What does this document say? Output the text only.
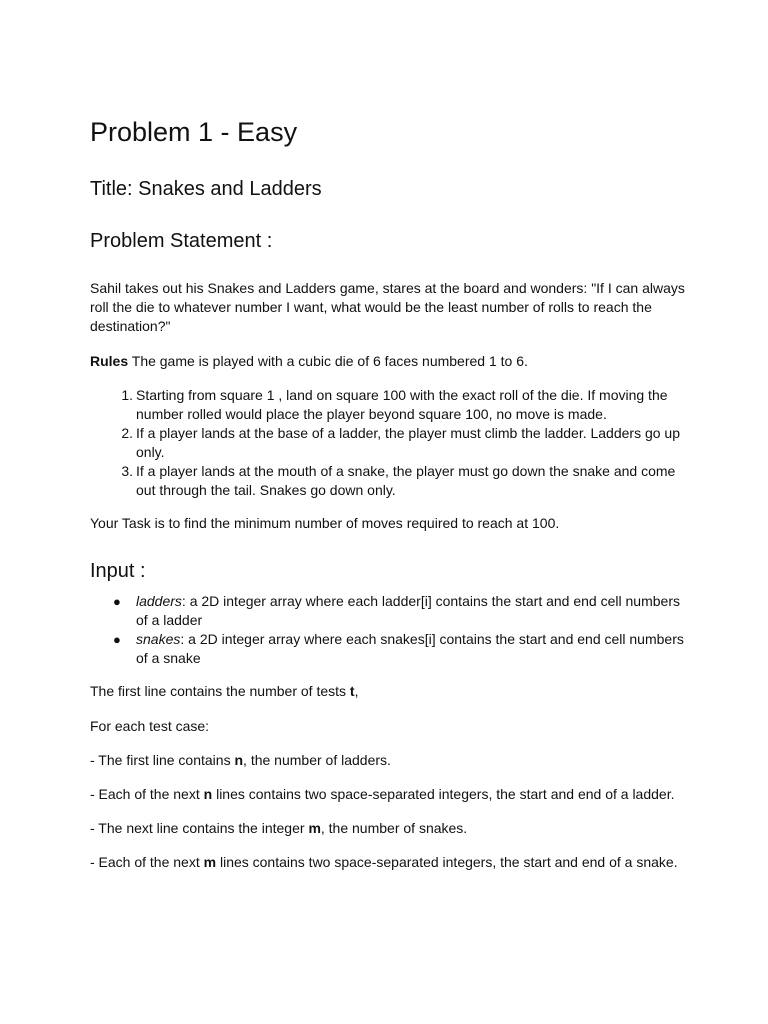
Problem 1 - Easy
Title: Snakes and Ladders
Problem Statement :

Sahil takes out his Snakes and Ladders game, stares at the board and wonders: "If I can always roll the die to whatever number I want, what would be the least number of rolls to reach the destination?"

Rules The game is played with a cubic die of 6 faces numbered 1 to 6.

1. Starting from square 1 , land on square 100 with the exact roll of the die. If moving the number rolled would place the player beyond square 100, no move is made.
2. If a player lands at the base of a ladder, the player must climb the ladder. Ladders go up only.
3. If a player lands at the mouth of a snake, the player must go down the snake and come out through the tail. Snakes go down only.

Your Task is to find the minimum number of moves required to reach at 100.

Input :
● ladders: a 2D integer array where each ladder[i] contains the start and end cell numbers of a ladder
● snakes: a 2D integer array where each snakes[i] contains the start and end cell numbers of a snake

The first line contains the number of tests t,

For each test case:

- The first line contains n, the number of ladders.

- Each of the next n lines contains two space-separated integers, the start and end of a ladder.

- The next line contains the integer m, the number of snakes.

- Each of the next m lines contains two space-separated integers, the start and end of a snake.
